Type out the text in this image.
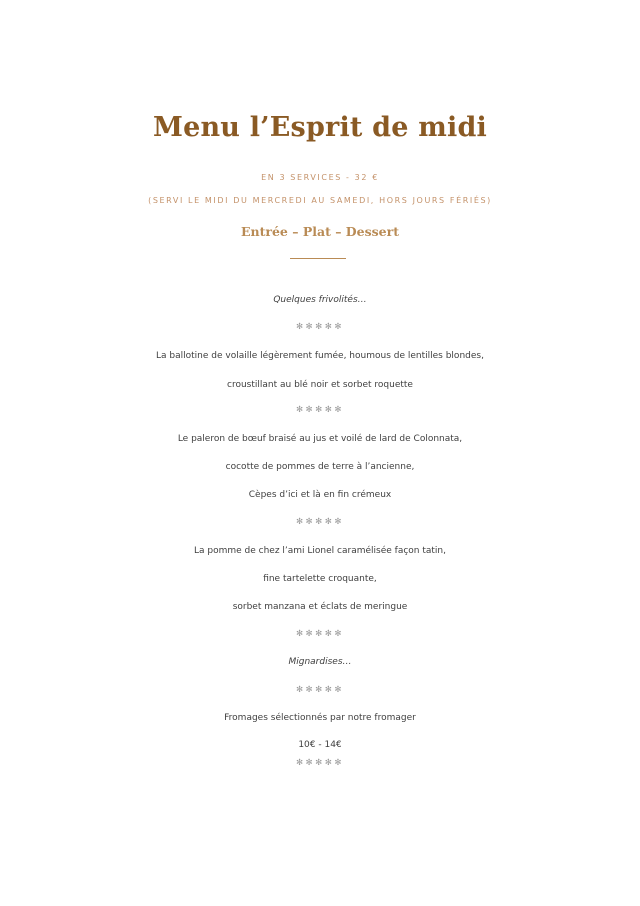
Menu l’Esprit de midi
EN 3 SERVICES - 32 €
(SERVI LE MIDI DU MERCREDI AU SAMEDI, HORS JOURS FÉRIÉS)
Entrée – Plat – Dessert
Quelques frivolités…
✻✻✻✻✻
La ballotine de volaille légèrement fumée, houmous de lentilles blondes,
croustillant au blé noir et sorbet roquette
✻✻✻✻✻
Le paleron de bœuf braisé au jus et voilé de lard de Colonnata,
cocotte de pommes de terre à l’ancienne,
Cèpes d’ici et là en fin crémeux
✻✻✻✻✻
La pomme de chez l’ami Lionel caramélisée façon tatin,
fine tartelette croquante,
sorbet manzana et éclats de meringue
✻✻✻✻✻
Mignardises…
✻✻✻✻✻
Fromages sélectionnés par notre fromager
10€ - 14€
✻✻✻✻✻
